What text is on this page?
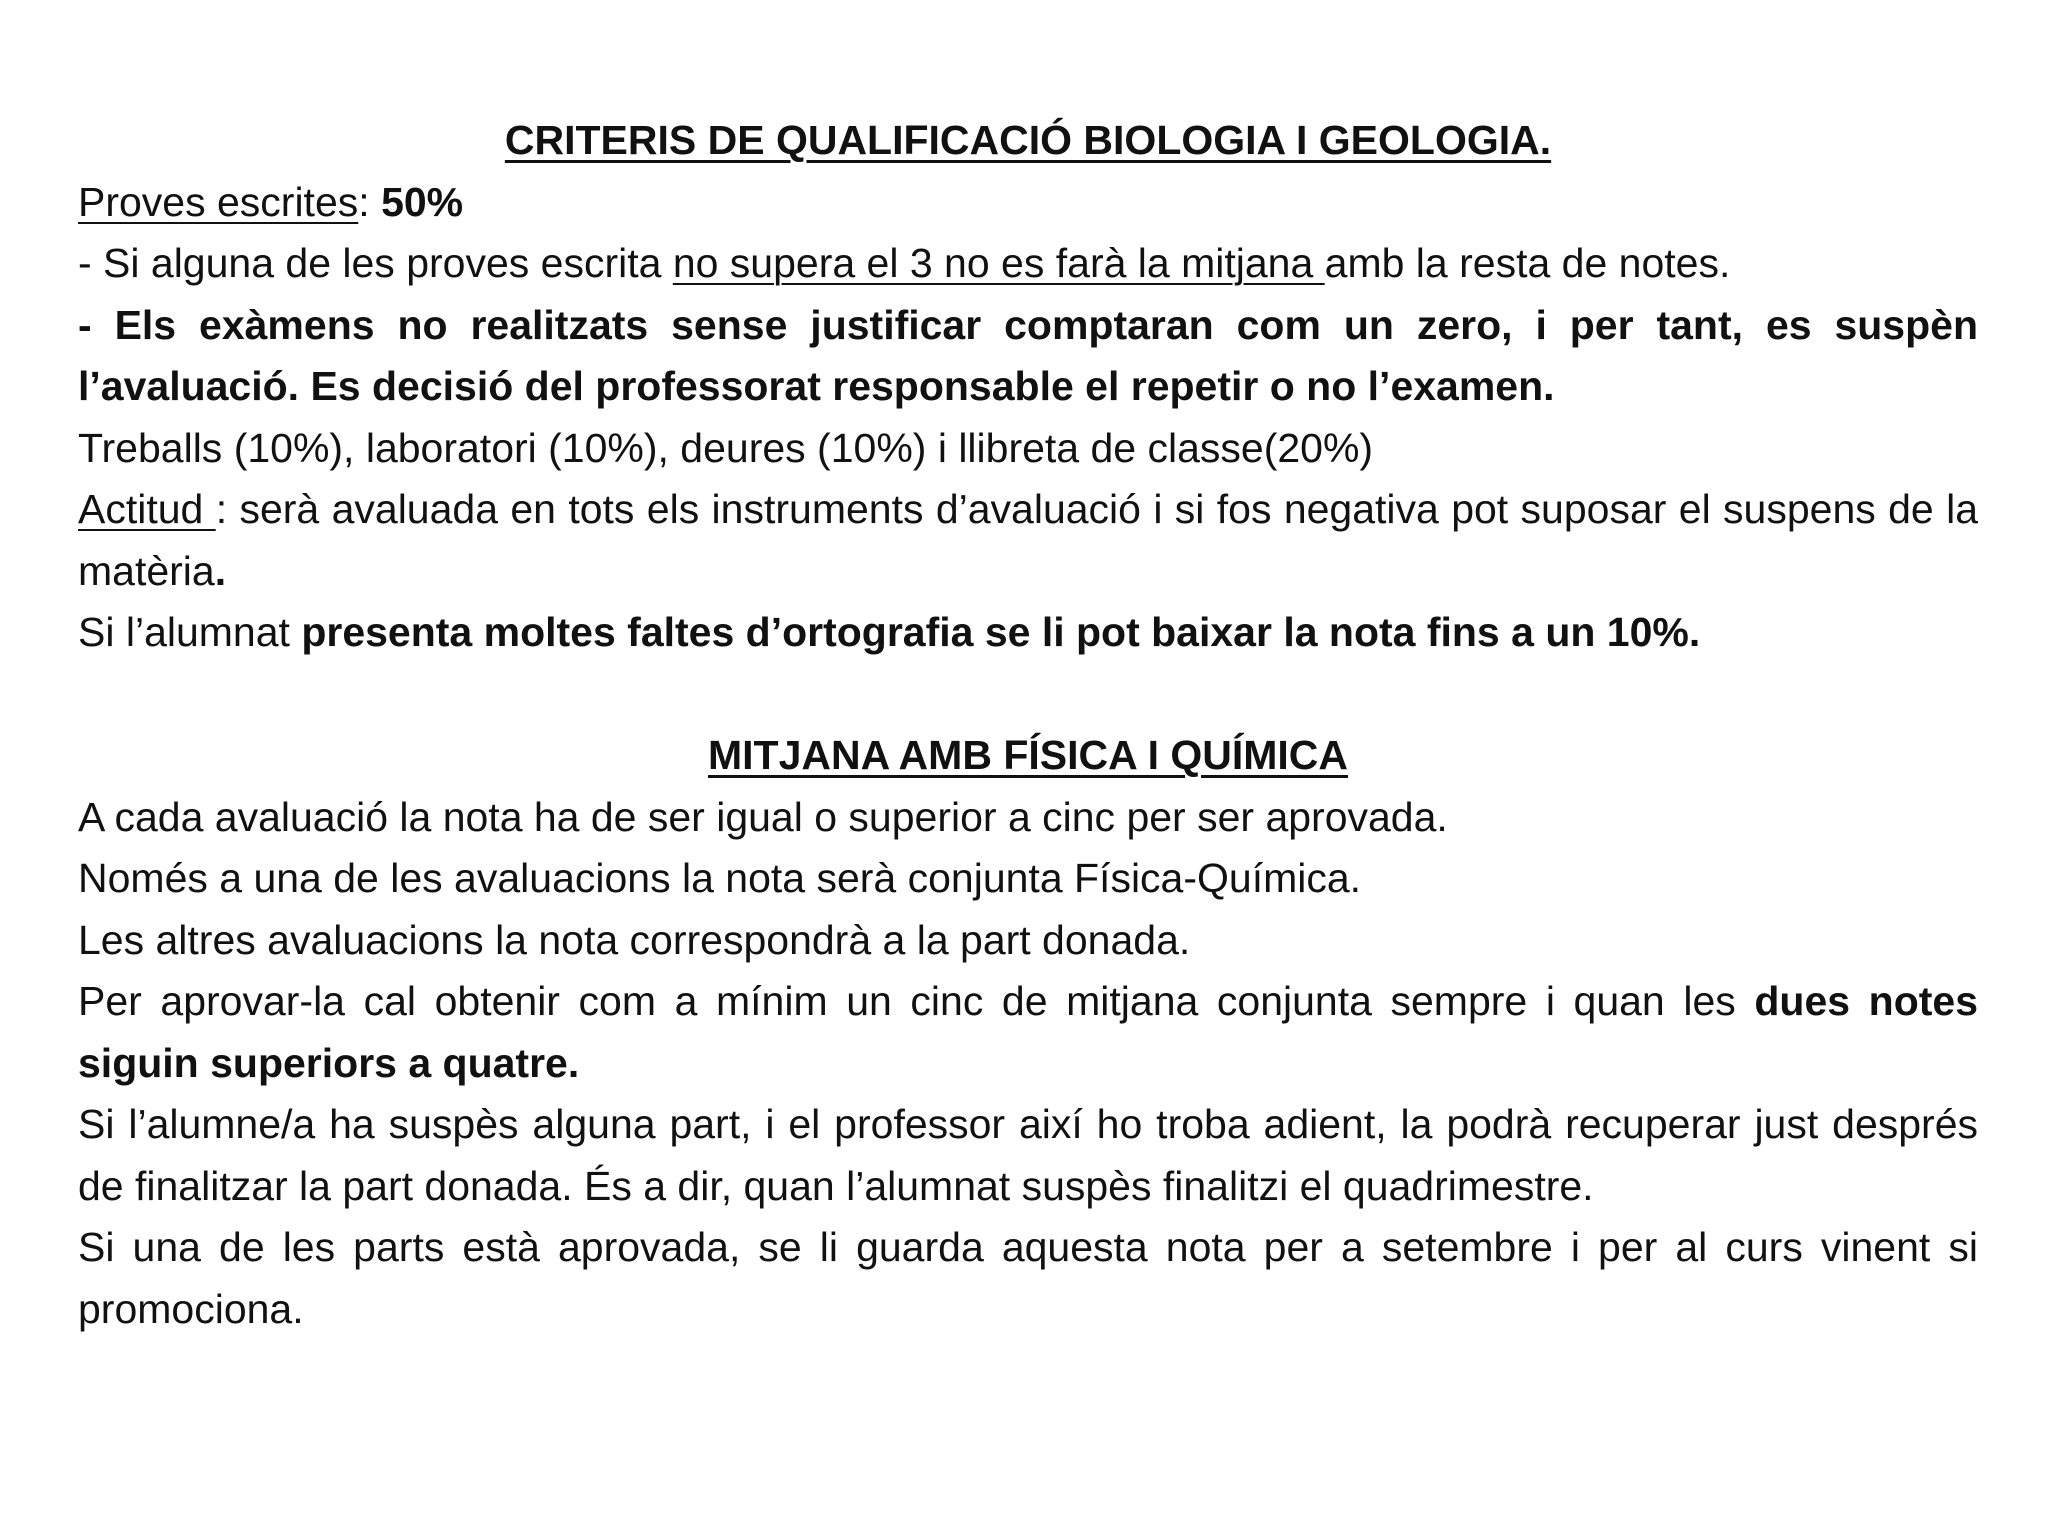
CRITERIS DE QUALIFICACIÓ BIOLOGIA I GEOLOGIA.

Proves escrites: 50%

- Si alguna de les proves escrita no supera el 3 no es farà la mitjana amb la resta de notes.

- Els exàmens no realitzats sense justificar comptaran com un zero, i per tant, es suspèn l’avaluació. Es decisió del professorat responsable el repetir o no l’examen.

Treballs (10%), laboratori (10%), deures (10%) i llibreta de classe(20%)

Actitud : serà avaluada en tots els instruments d’avaluació i si fos negativa pot suposar el suspens de la matèria.

Si l’alumnat presenta moltes faltes d’ortografia se li pot baixar la nota fins a un 10%.

MITJANA AMB FÍSICA I QUÍMICA

A cada avaluació la nota ha de ser igual o superior a cinc per ser aprovada.

Només a una de les avaluacions la nota serà conjunta Física-Química.

Les altres avaluacions la nota correspondrà a la part donada.

Per aprovar-la cal obtenir com a mínim un cinc de mitjana conjunta sempre i quan les dues notes siguin superiors a quatre.

Si l’alumne/a ha suspès alguna part, i el professor així ho troba adient, la podrà recuperar just després de finalitzar la part donada. És a dir, quan l’alumnat suspès finalitzi el quadrimestre.

Si una de les parts està aprovada, se li guarda aquesta nota per a setembre i per al curs vinent si promociona.
